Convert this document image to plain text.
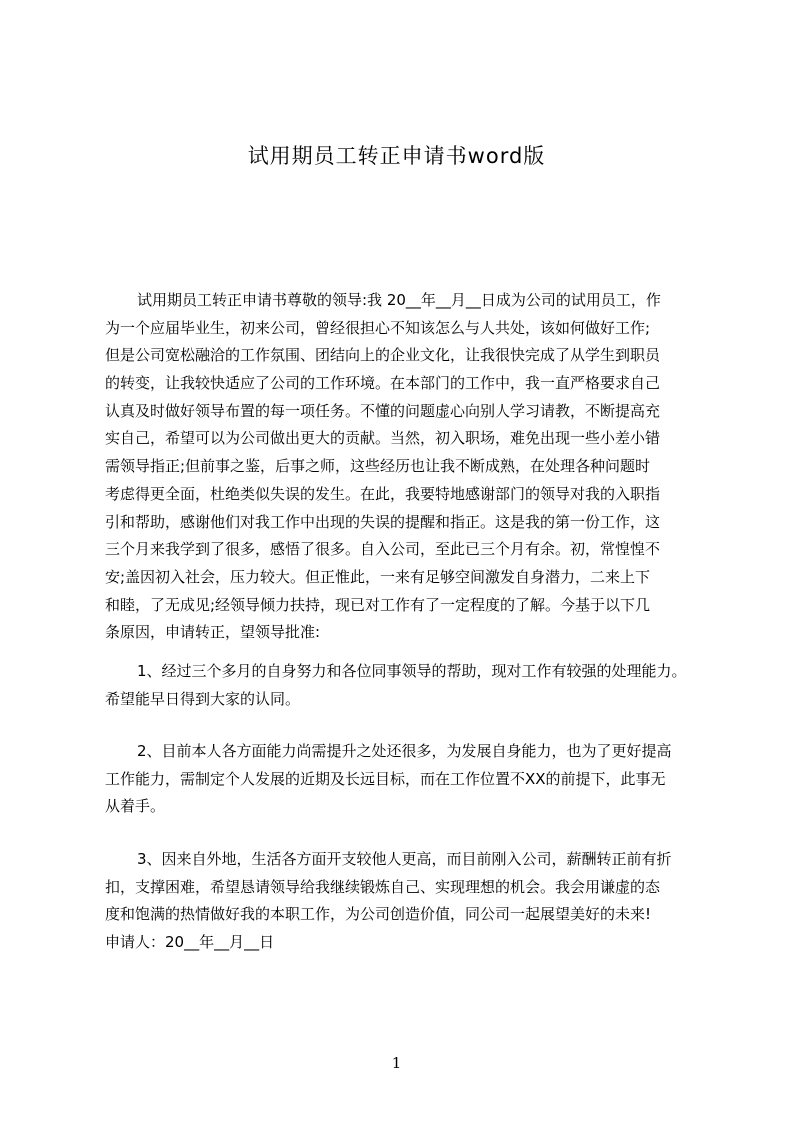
试用期员工转正申请书word版
试用期员工转正申请书尊敬的领导:我 20__年__月__日成为公司的试用员工，作
为一个应届毕业生，初来公司，曾经很担心不知该怎么与人共处，该如何做好工作;
但是公司宽松融洽的工作氛围、团结向上的企业文化，让我很快完成了从学生到职员
的转变，让我较快适应了公司的工作环境。在本部门的工作中，我一直严格要求自己
认真及时做好领导布置的每一项任务。不懂的问题虚心向别人学习请教，不断提高充
实自己，希望可以为公司做出更大的贡献。当然，初入职场，难免出现一些小差小错
需领导指正;但前事之鉴，后事之师，这些经历也让我不断成熟，在处理各种问题时
考虑得更全面，杜绝类似失误的发生。在此，我要特地感谢部门的领导对我的入职指
引和帮助，感谢他们对我工作中出现的失误的提醒和指正。这是我的第一份工作，这
三个月来我学到了很多，感悟了很多。自入公司，至此已三个月有余。初，常惶惶不
安;盖因初入社会，压力较大。但正惟此，一来有足够空间激发自身潜力，二来上下
和睦，了无成见;经领导倾力扶持，现已对工作有了一定程度的了解。今基于以下几
条原因，申请转正，望领导批准:
1、经过三个多月的自身努力和各位同事领导的帮助，现对工作有较强的处理能力。
希望能早日得到大家的认同。
2、目前本人各方面能力尚需提升之处还很多，为发展自身能力，也为了更好提高
工作能力，需制定个人发展的近期及长远目标，而在工作位置不XX的前提下，此事无
从着手。
3、因来自外地，生活各方面开支较他人更高，而目前刚入公司，薪酬转正前有折
扣，支撑困难，希望恳请领导给我继续锻炼自己、实现理想的机会。我会用谦虚的态
度和饱满的热情做好我的本职工作，为公司创造价值，同公司一起展望美好的未来!
申请人：20__年__月__日
1
